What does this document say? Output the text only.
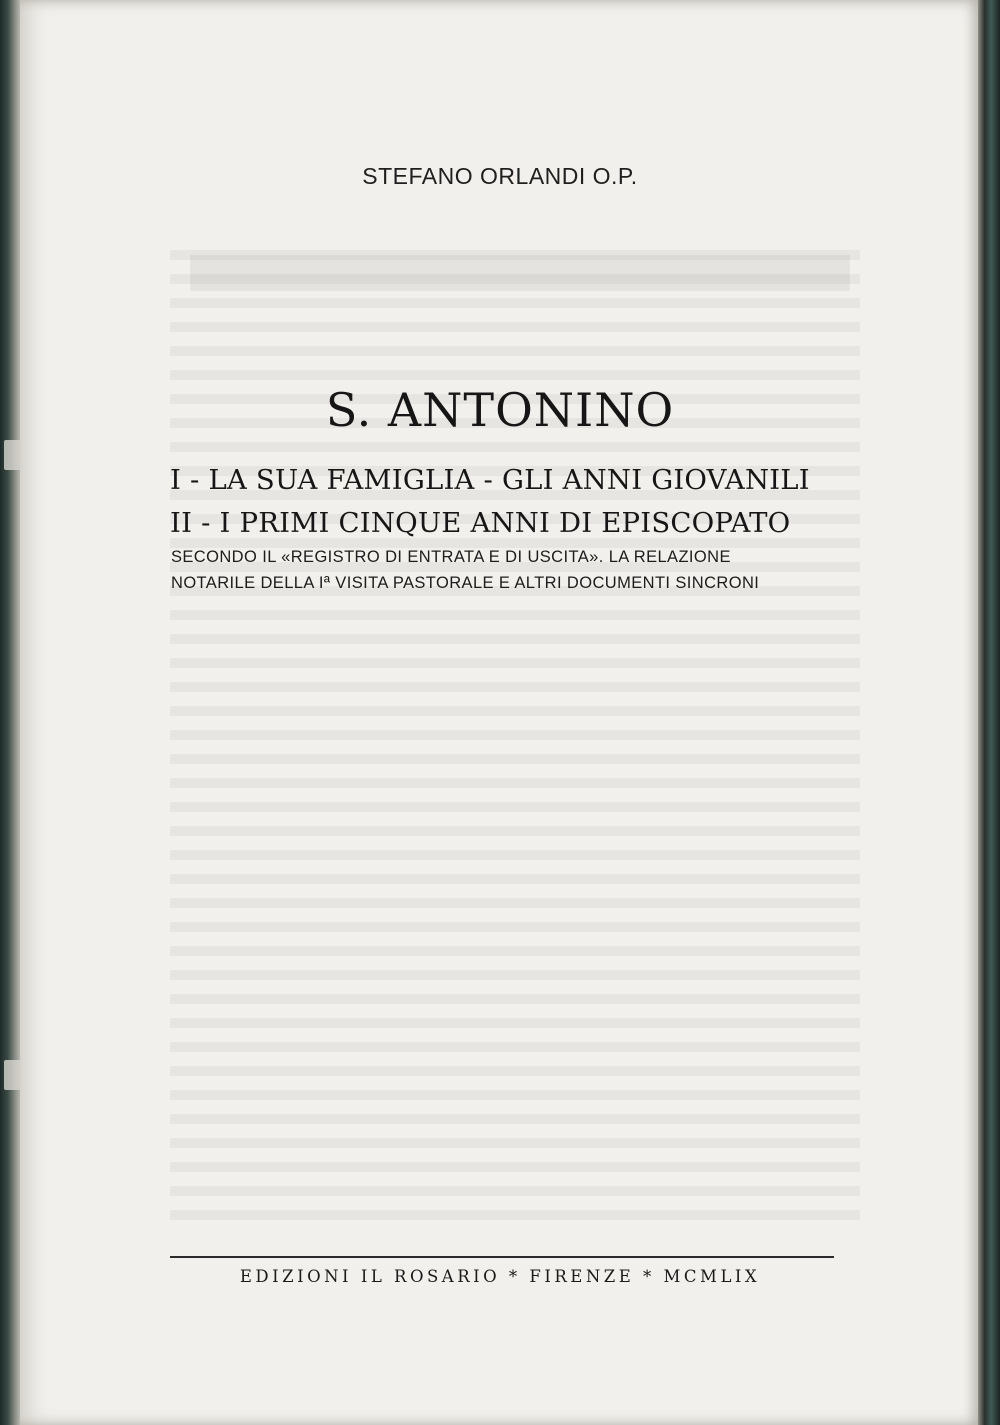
STEFANO ORLANDI O.P.
S. ANTONINO
I - LA SUA FAMIGLIA - GLI ANNI GIOVANILI
II - I PRIMI CINQUE ANNI DI EPISCOPATO
SECONDO IL «REGISTRO DI ENTRATA E DI USCITA». LA RELAZIONE
NOTARILE DELLA Iª VISITA PASTORALE E ALTRI DOCUMENTI SINCRONI
EDIZIONI IL ROSARIO * FIRENZE * MCMLIX
